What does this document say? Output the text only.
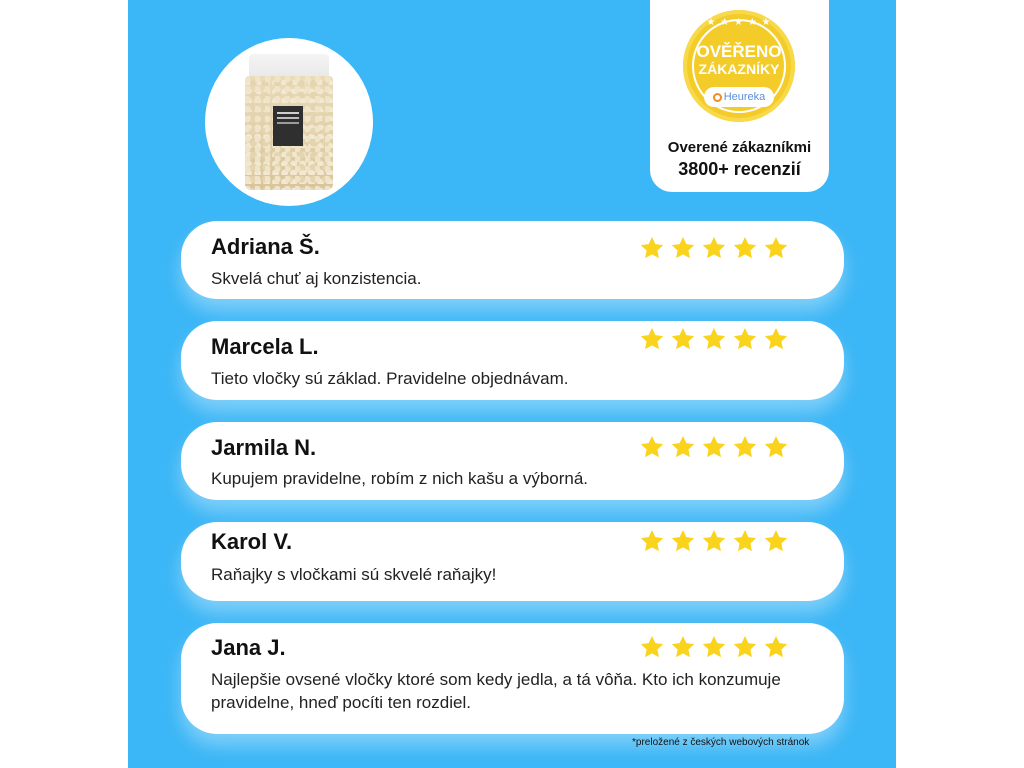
★ ★ ★ ★ ★
OVĚŘENO
ZÁKAZNÍKY
Heureka
Overené zákazníkmi
3800+ recenzií
Adriana Š.
Skvelá chuť aj konzistencia.
Marcela L.
Tieto vločky sú základ. Pravidelne objednávam.
Jarmila N.
Kupujem pravidelne, robím z nich kašu a výborná.
Karol V.
Raňajky s vločkami sú skvelé raňajky!
Jana J.
Najlepšie ovsené vločky ktoré som kedy jedla, a tá vôňa. Kto ich konzumuje pravidelne, hneď pocíti ten rozdiel.
*preložené z českých webových stránok
